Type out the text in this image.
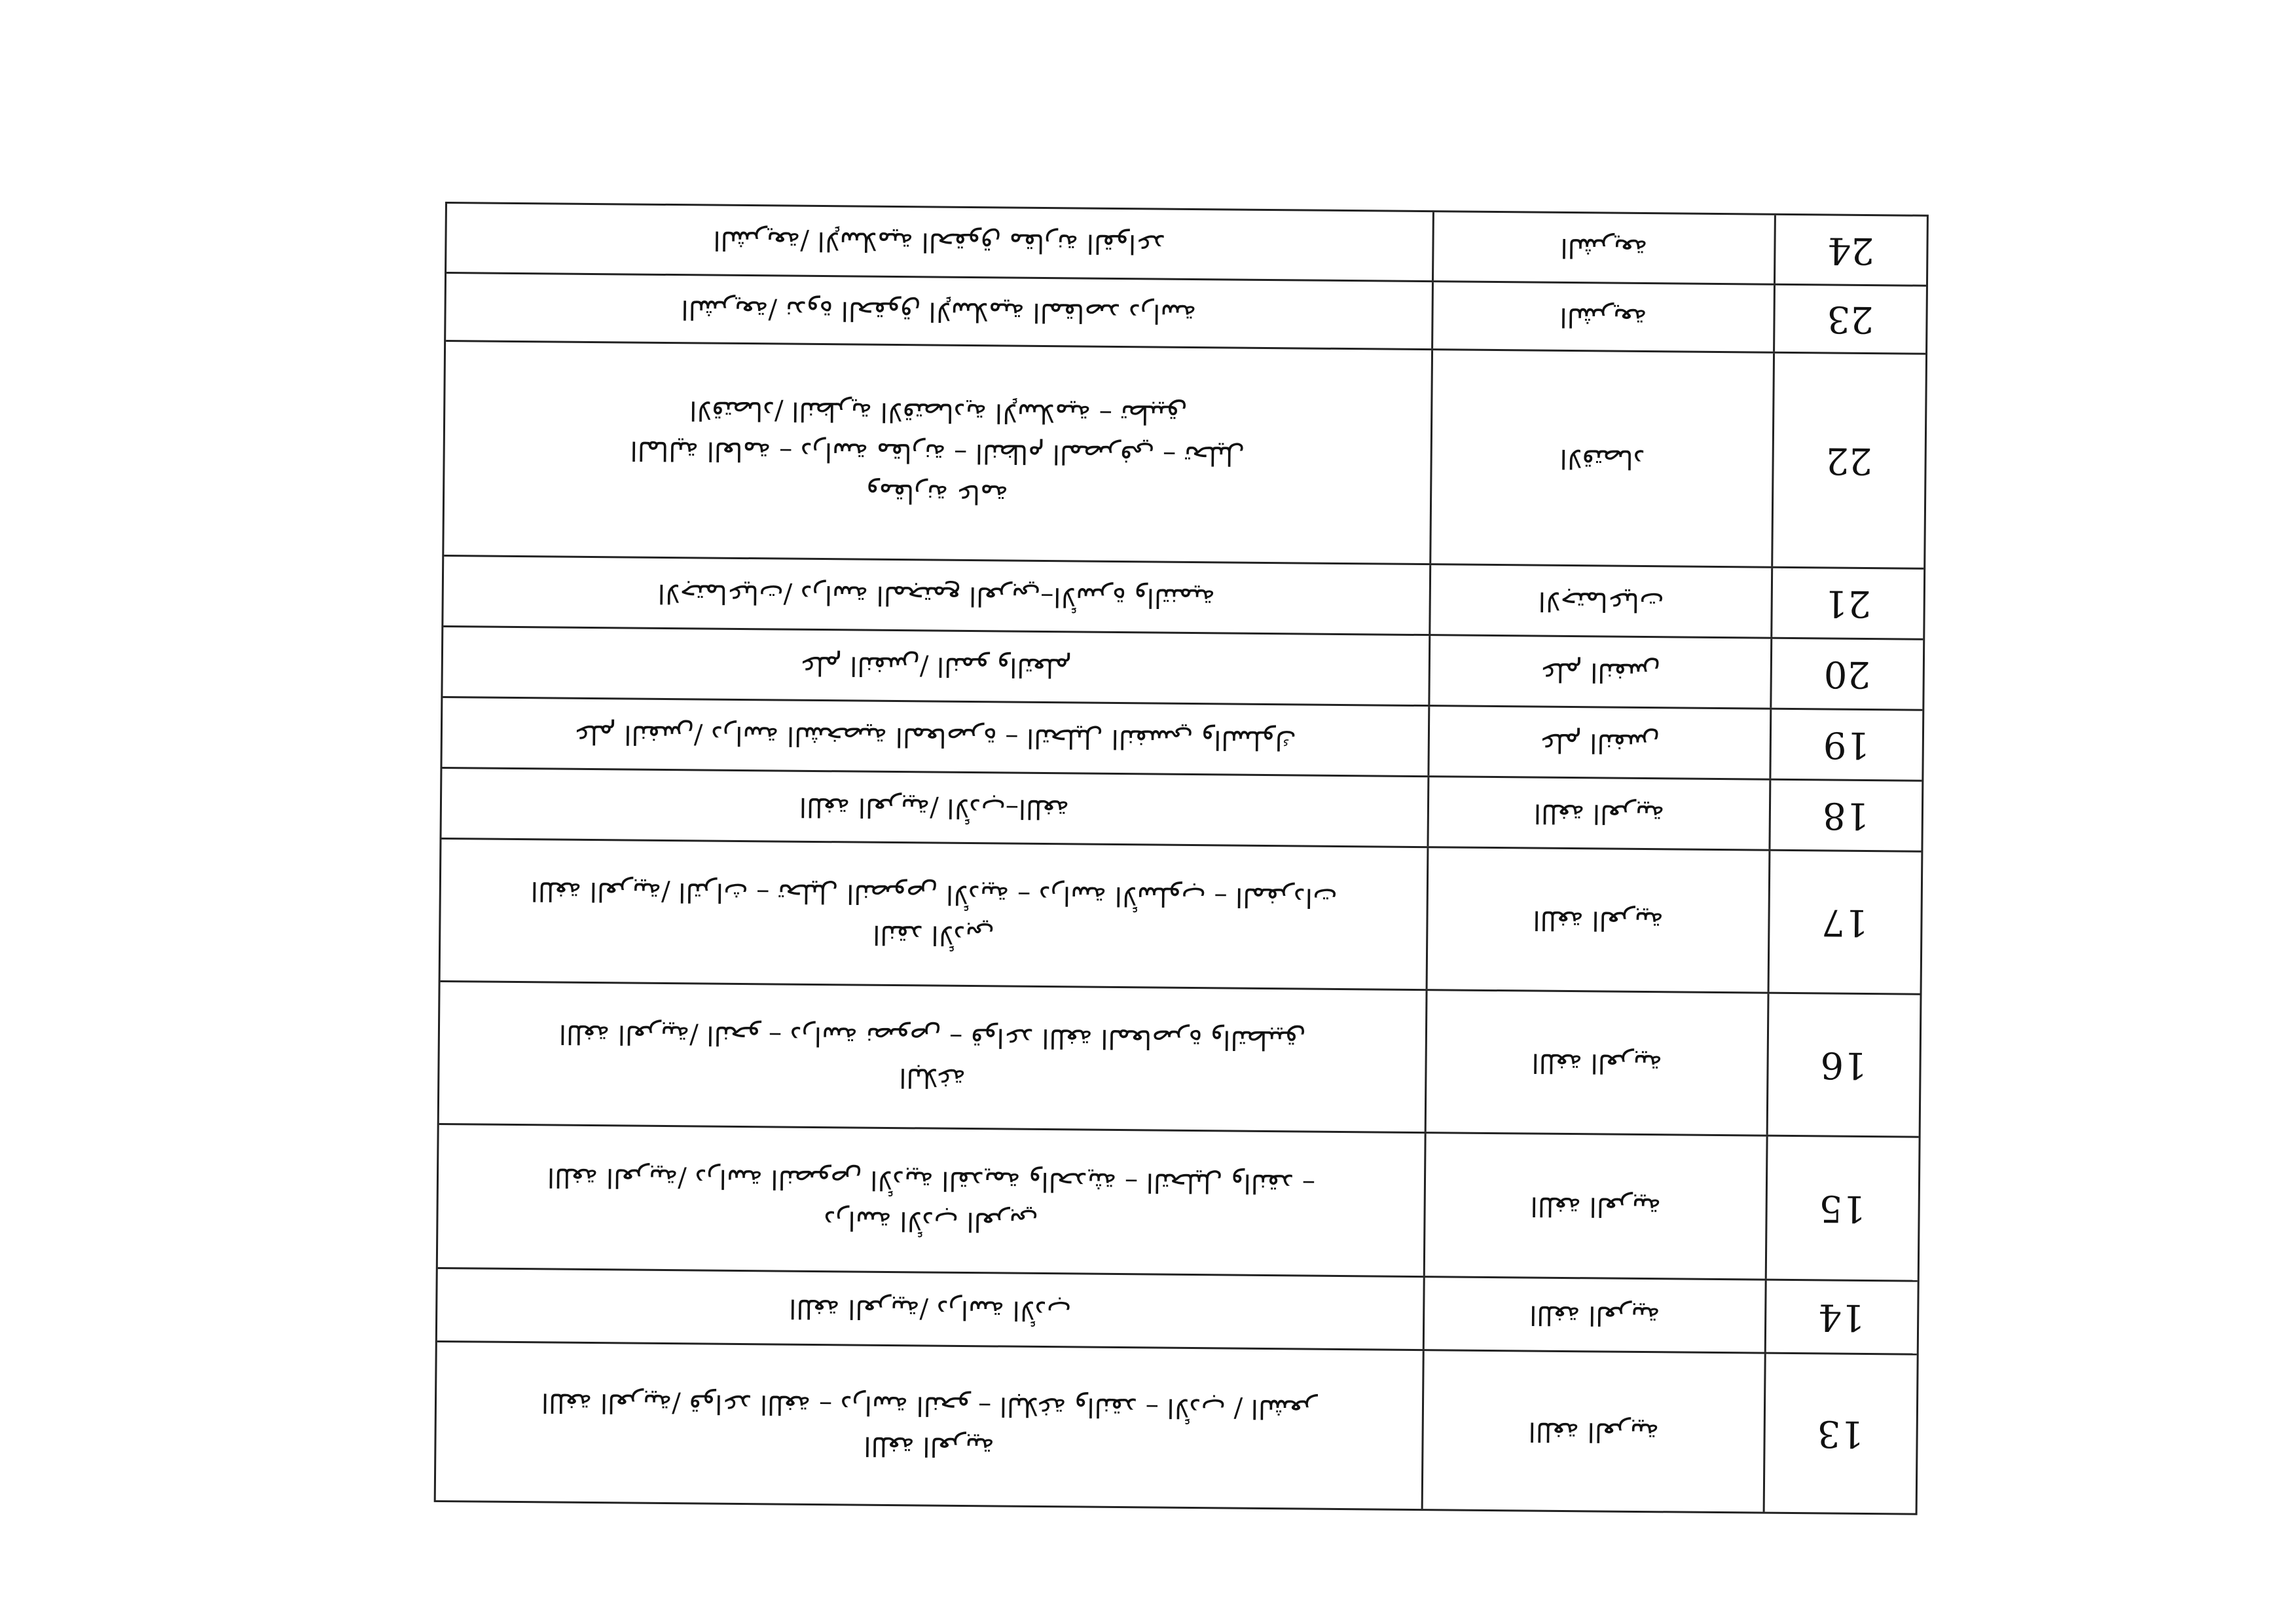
الشريعة/ الإسلامية الحقوق مقارنة القواعد	الشريعة	24
الشريعة/ ندوة الحقوق الإسلامية المقاصد دراسة	الشريعة	23
الاقتصاد/ النظرية الاقتصادية الإسلامية – تطبيق
المالية العامة – دراسة مقارنة – النظام المصرفي – تحليل
ومقارنة عامة
الاقتصاد	22
الاجتماعيات/ دراسة المجتمع العربي–الأسرة والتنمية	الاجتماعيات	21
علم النفس/ النمو والتعلم	علم النفس	20
علم النفس/ دراسة الشخصية المعاصرة – التحليل النفسي والسلوك	علم النفس	19
اللغة العربية/ الأدب–اللغة	اللغة العربية	18
اللغة العربية/ التراث – تحليل النصوص الأدبية – دراسة الأسلوب – المفردات
النقد الأدبي	اللغة العربية	17
اللغة العربية/ النحو – دراسة نصوص – قواعد اللغة المعاصرة والتطبيق
البلاغة	اللغة العربية	16
اللغة العربية/ دراسة النصوص الأدبية القديمة والحديثة – التحليل والنقد –
دراسة الأدب العربي	اللغة العربية	15
اللغة العربية/ دراسة الأدب	اللغة العربية	14
اللغة العربية/ قواعد اللغة – دراسة النحو – البلاغة والنقد – الأدب / الشعر
اللغة العربية	اللغة العربية	13
